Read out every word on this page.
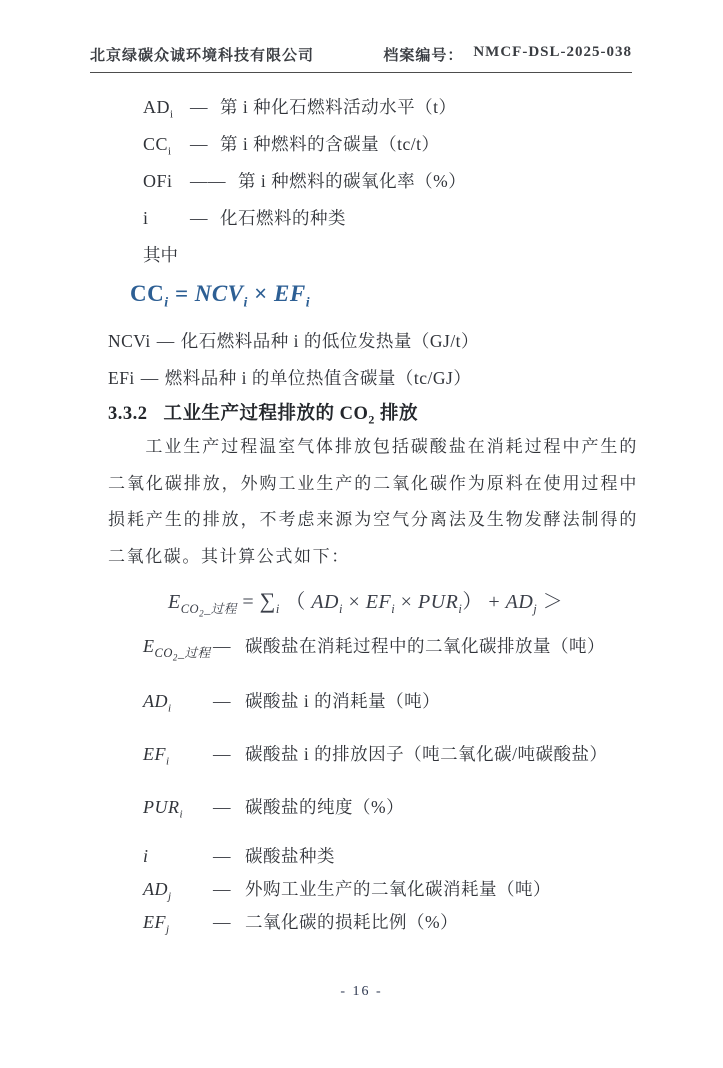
北京绿碳众诚环境科技有限公司	档案编号： NMCF-DSL-2025-038
$AD_i$ — 第 i 种化石燃料活动水平（t）
$CC_i$	— 第 i 种燃料的含碳量（tc/t）
OFi —— 第 i 种燃料的碳氧化率（%）
i	— 化石燃料的种类
其中
$CC_i = NCV_i \times EF_i$
NCVi — 化石燃料品种 i 的低位发热量（GJ/t）
EFi — 燃料品种 i 的单位热值含碳量（tc/GJ）
3.3.2 工业生产过程排放的 $CO_2$ 排放

工业生产过程温室气体排放包括碳酸盐在消耗过程中产生的二氧化碳排放，外购工业生产的二氧化碳作为原料在使用过程中损耗产生的排放，不考虑来源为空气分离法及生物发酵法制得的二氧化碳。其计算公式如下：

$E_{CO_2\_过程} = \sum_i$ （ $AD_i \times EF_i \times PUR_i) + AD_j$ ＞
$E_{CO_2\_过程}$ — 碳酸盐在消耗过程中的二氧化碳排放量（吨）
$AD_i$	— 碳酸盐 i 的消耗量（吨）
$EF_i$	— 碳酸盐 i 的排放因子（吨二氧化碳/吨碳酸盐）
$PUR_i$	— 碳酸盐的纯度（%）
i	— 碳酸盐种类
$AD_j$	— 外购工业生产的二氧化碳消耗量（吨）
$EF_j$	— 二氧化碳的损耗比例（%）
- 16 -
